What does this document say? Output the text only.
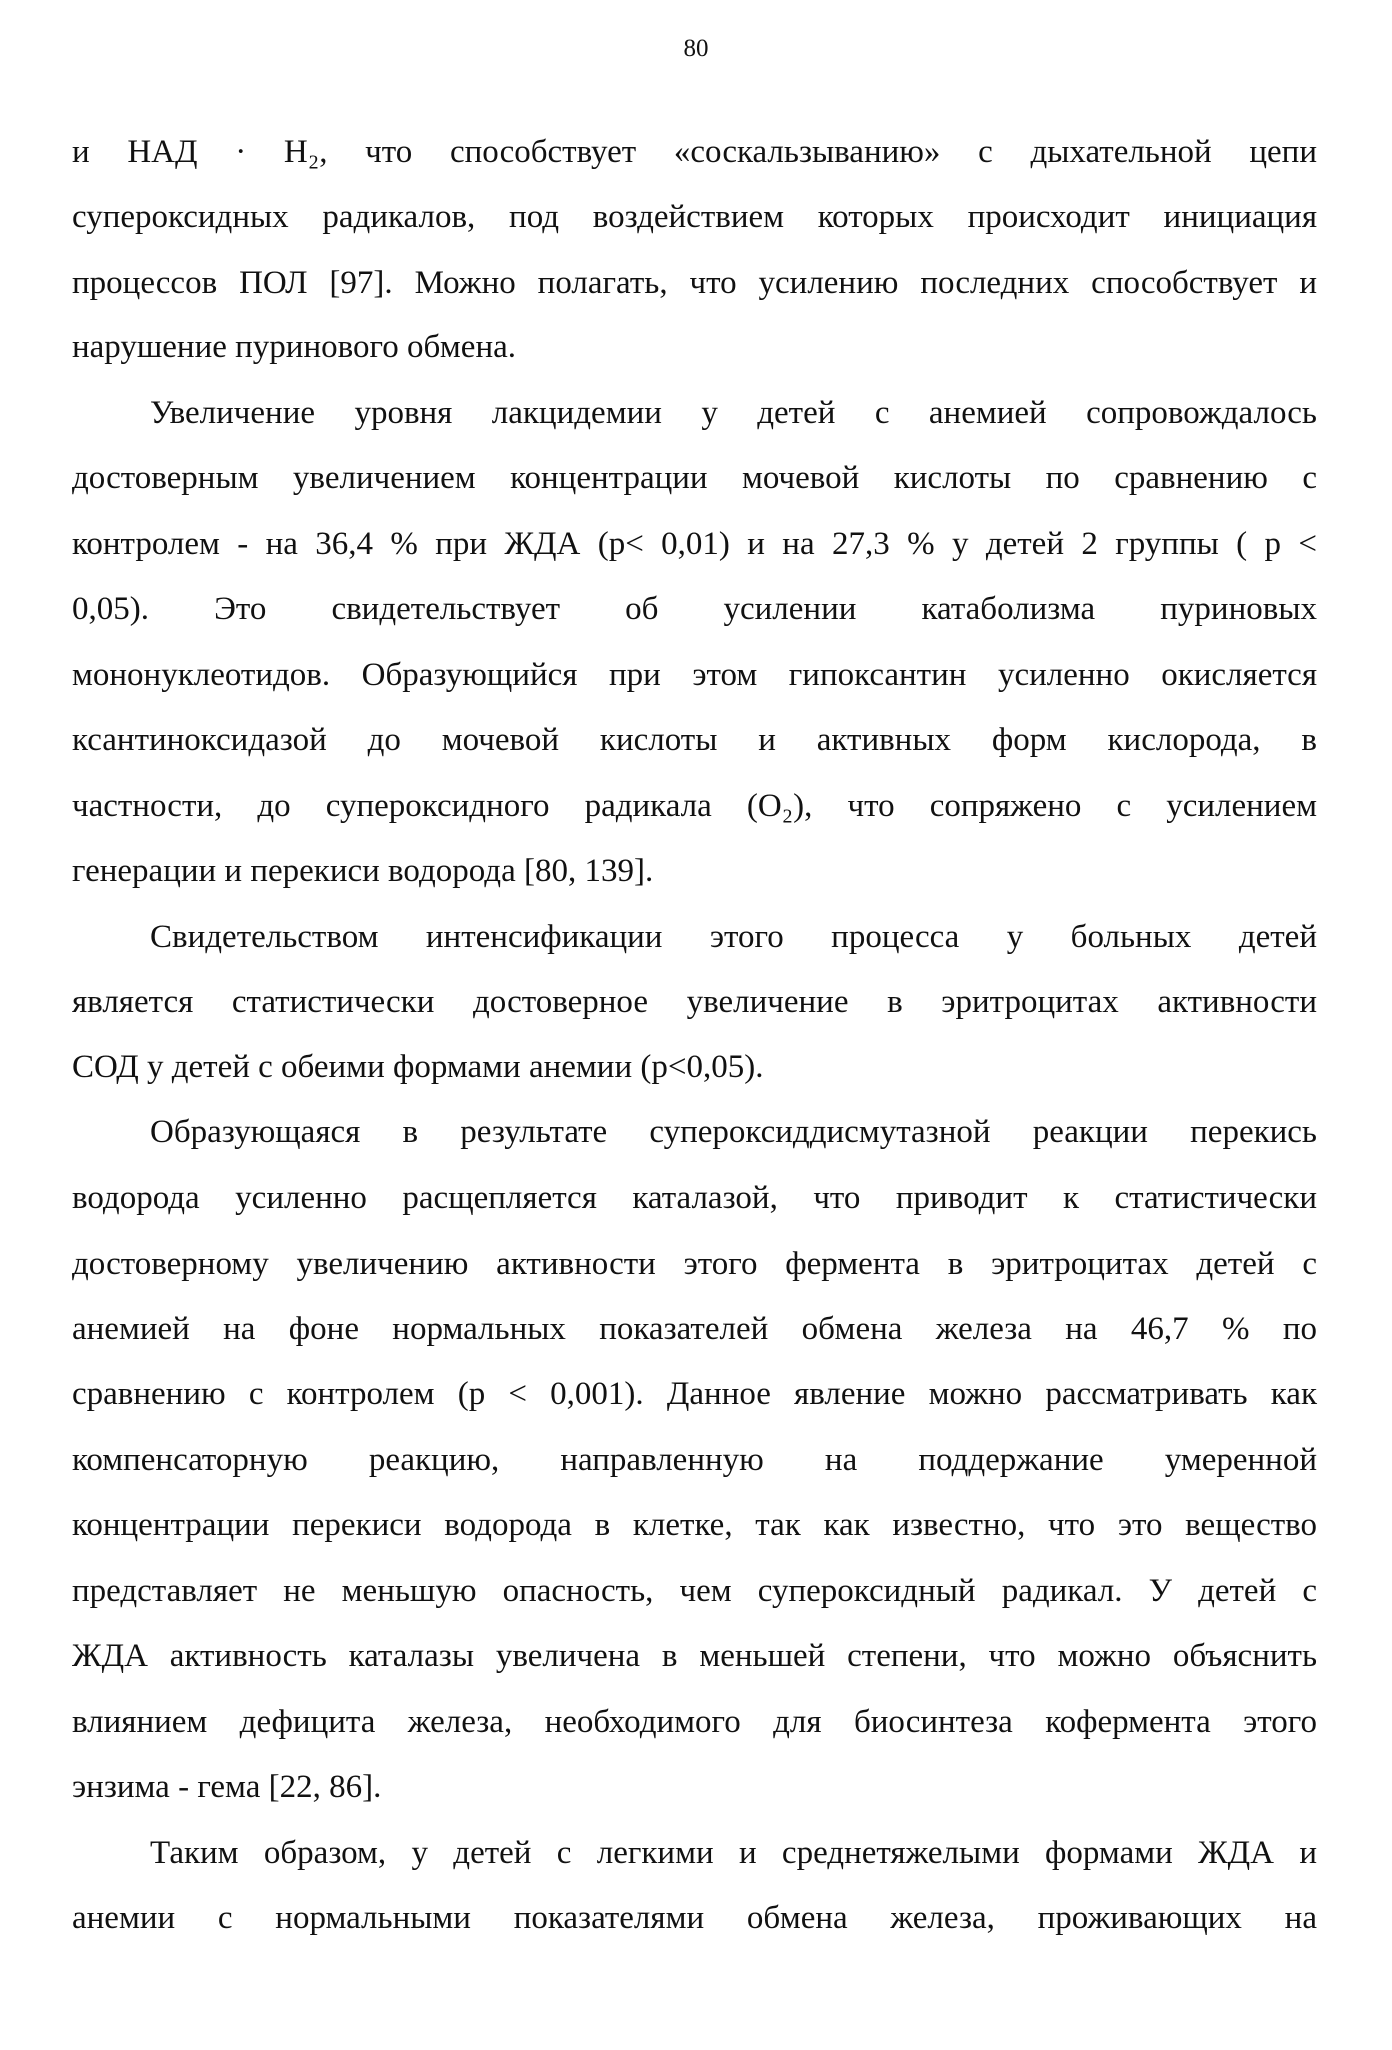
80
и НАД · H₂, что способствует «соскальзыванию» с дыхательной цепи
супероксидных радикалов, под воздействием которых происходит инициация
процессов ПОЛ [97]. Можно полагать, что усилению последних способствует и
нарушение пуринового обмена.
Увеличение уровня лакцидемии у детей с анемией сопровождалось
достоверным увеличением концентрации мочевой кислоты по сравнению с
контролем - на 36,4 % при ЖДА (p< 0,01) и на 27,3 % у детей 2 группы ( p <
0,05). Это свидетельствует об усилении катаболизма пуриновых
мононуклеотидов. Образующийся при этом гипоксантин усиленно окисляется
ксантиноксидазой до мочевой кислоты и активных форм кислорода, в
частности, до супероксидного радикала (O₂), что сопряжено с усилением
генерации и перекиси водорода [80, 139].
Свидетельством интенсификации этого процесса у больных детей
является статистически достоверное увеличение в эритроцитах активности
СОД у детей с обеими формами анемии (p<0,05).
Образующаяся в результате супероксиддисмутазной реакции перекись
водорода усиленно расщепляется каталазой, что приводит к статистически
достоверному увеличению активности этого фермента в эритроцитах детей с
анемией на фоне нормальных показателей обмена железа на 46,7 % по
сравнению с контролем (p < 0,001). Данное явление можно рассматривать как
компенсаторную реакцию, направленную на поддержание умеренной
концентрации перекиси водорода в клетке, так как известно, что это вещество
представляет не меньшую опасность, чем супероксидный радикал. У детей с
ЖДА активность каталазы увеличена в меньшей степени, что можно объяснить
влиянием дефицита железа, необходимого для биосинтеза кофермента этого
энзима - гема [22, 86].
Таким образом, у детей с легкими и среднетяжелыми формами ЖДА и
анемии с нормальными показателями обмена железа, проживающих на
